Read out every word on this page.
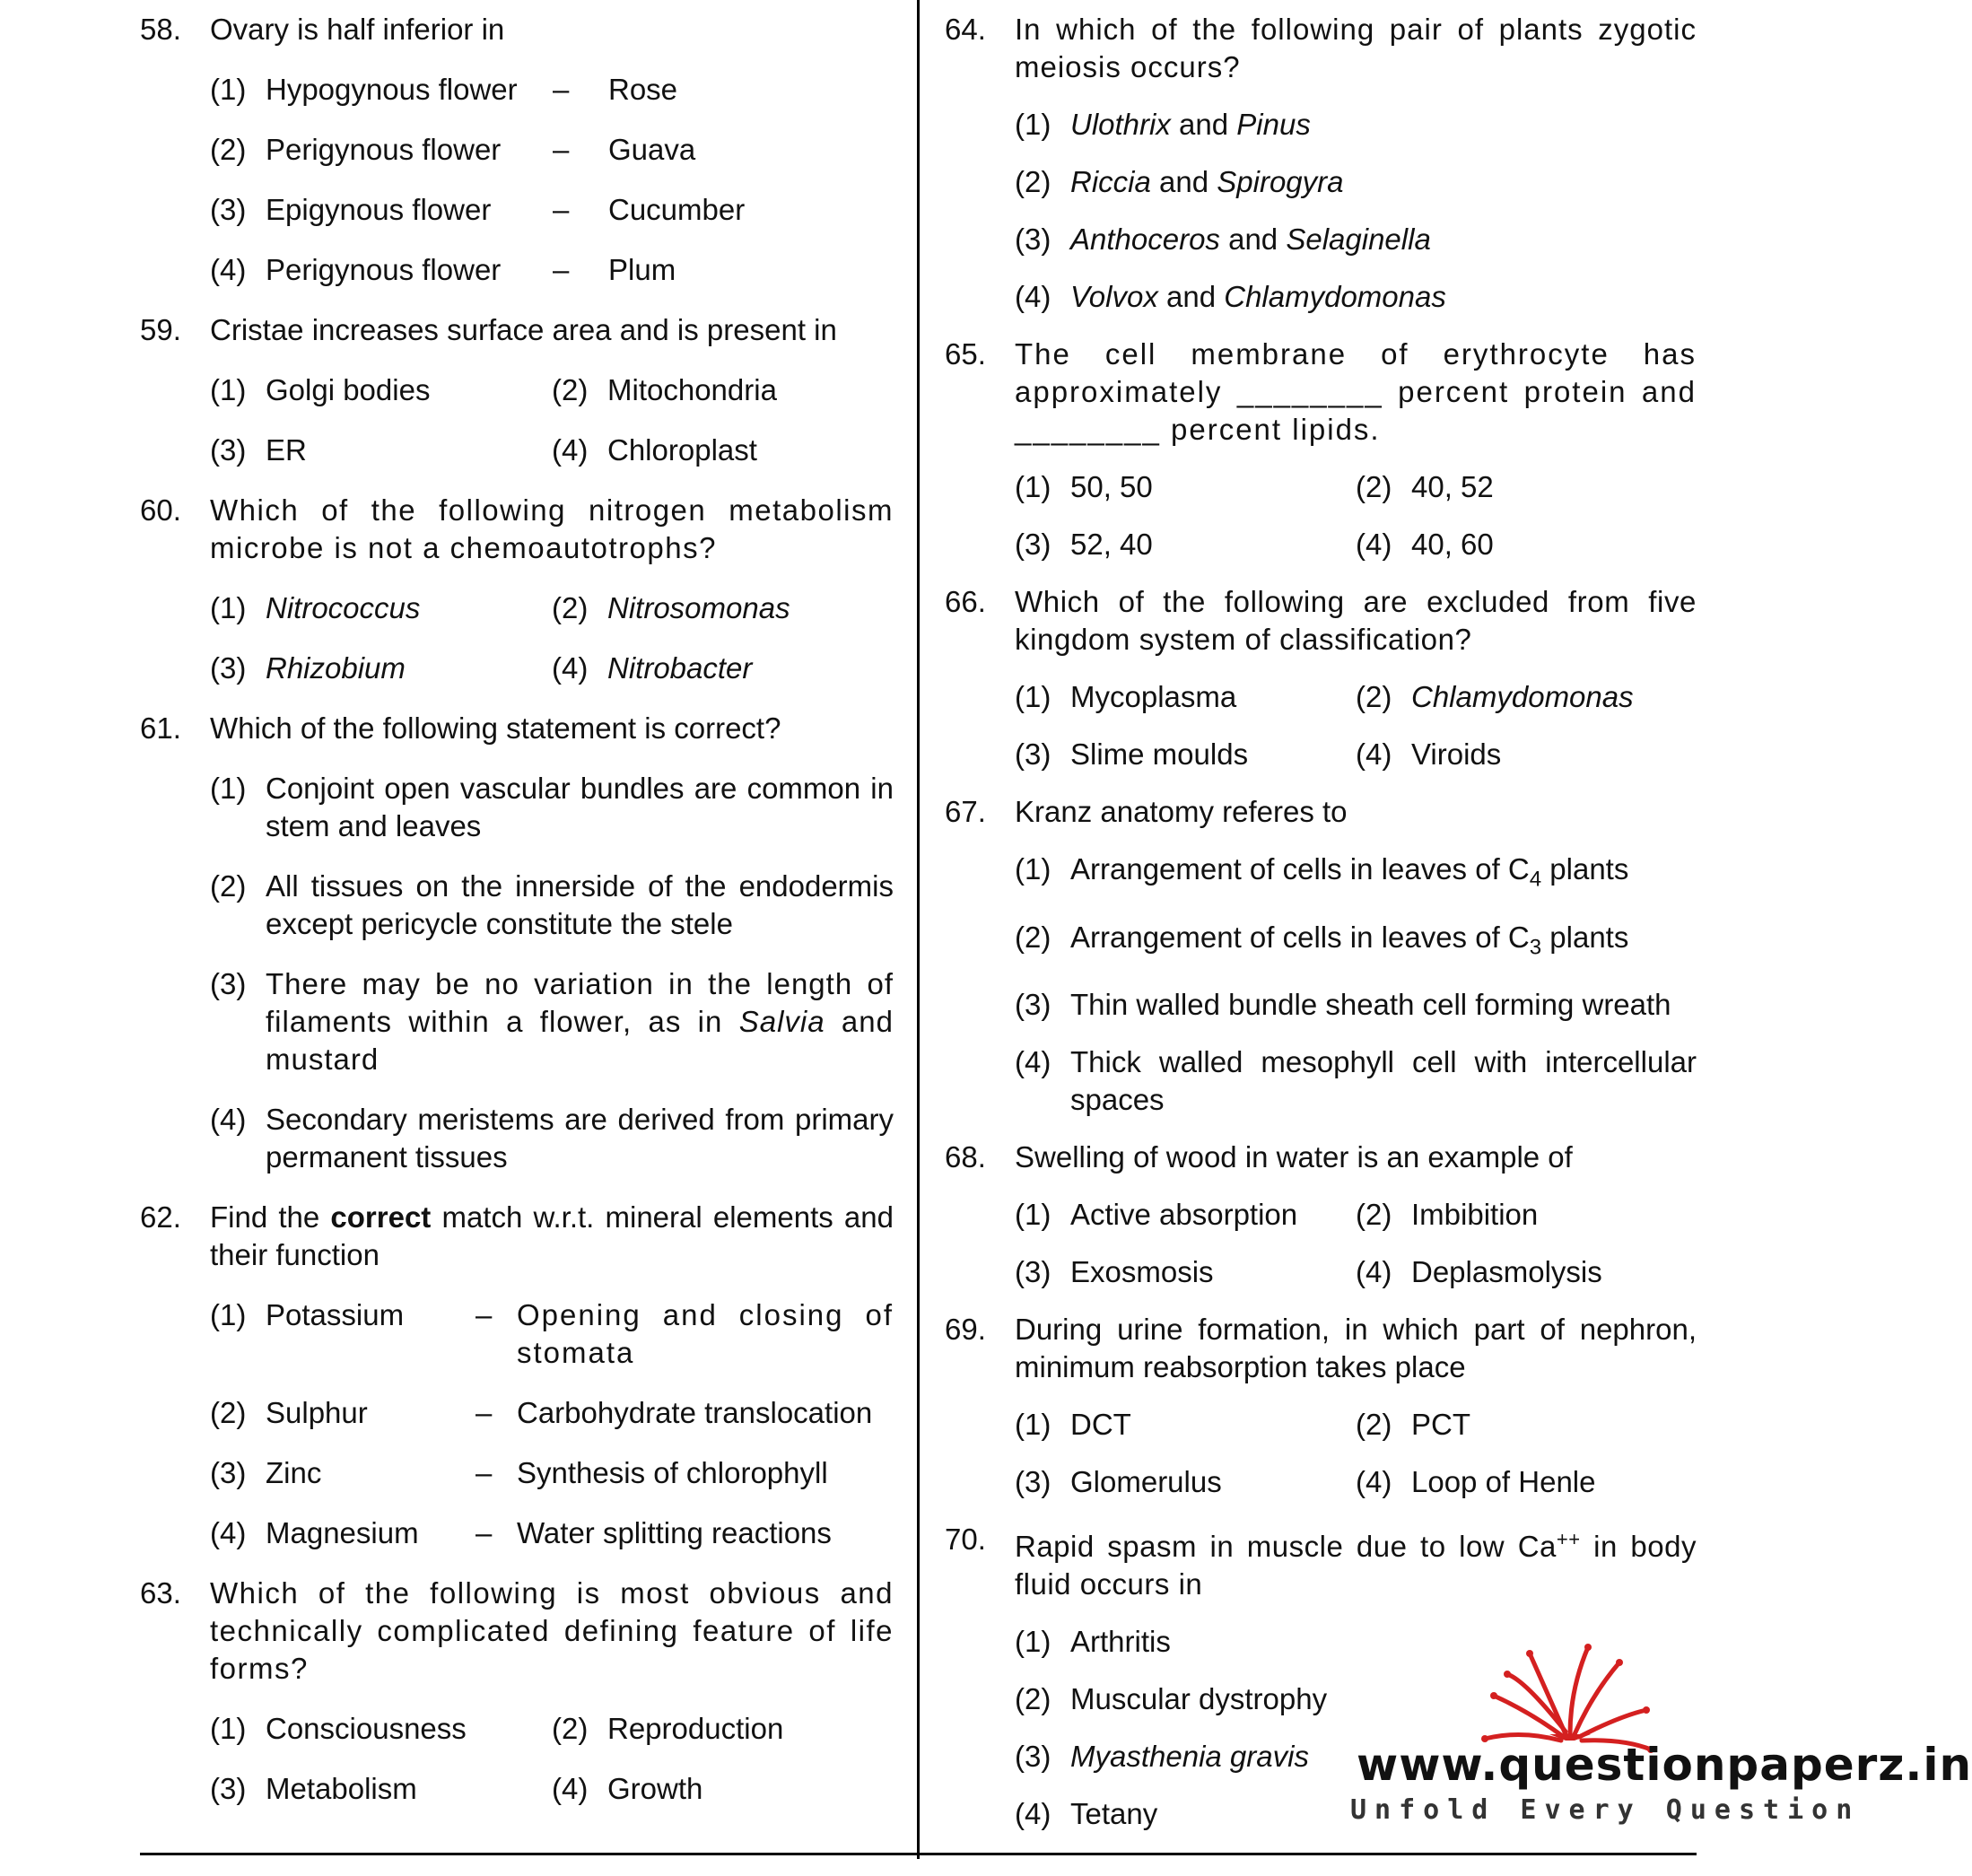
58. Ovary is half inferior in
(1) Hypogynous flower	–	Rose
(2) Perigynous flower	–	Guava
(3) Epigynous flower	–	Cucumber
(4) Perigynous flower	–	Plum
59. Cristae increases surface area and is present in
(1) Golgi bodies	(2) Mitochondria
(3) ER	(4) Chloroplast
60. Which of the following nitrogen metabolism microbe is not a chemoautotrophs?
(1) Nitrococcus	(2) Nitrosomonas
(3) Rhizobium	(4) Nitrobacter
61. Which of the following statement is correct?
(1) Conjoint open vascular bundles are common in stem and leaves
(2) All tissues on the innerside of the endodermis except pericycle constitute the stele
(3) There may be no variation in the length of filaments within a flower, as in Salvia and mustard
(4) Secondary meristems are derived from primary permanent tissues
62. Find the correct match w.r.t. mineral elements and their function
(1) Potassium	– Opening and closing of stomata
(2) Sulphur	– Carbohydrate translocation
(3) Zinc	– Synthesis of chlorophyll
(4) Magnesium	– Water splitting reactions
63. Which of the following is most obvious and technically complicated defining feature of life forms?
(1) Consciousness	(2) Reproduction
(3) Metabolism	(4) Growth
64. In which of the following pair of plants zygotic meiosis occurs?
(1) Ulothrix and Pinus
(2) Riccia and Spirogyra
(3) Anthoceros and Selaginella
(4) Volvox and Chlamydomonas
65. The cell membrane of erythrocyte has approximately ________ percent protein and ________ percent lipids.
(1) 50, 50	(2) 40, 52
(3) 52, 40	(4) 40, 60
66. Which of the following are excluded from five kingdom system of classification?
(1) Mycoplasma	(2) Chlamydomonas
(3) Slime moulds	(4) Viroids
67. Kranz anatomy referes to
(1) Arrangement of cells in leaves of $C_4$ plants
(2) Arrangement of cells in leaves of $C_3$ plants
(3) Thin walled bundle sheath cell forming wreath
(4) Thick walled mesophyll cell with intercellular spaces
68. Swelling of wood in water is an example of
(1) Active absorption (2) Imbibition
(3) Exosmosis	(4) Deplasmolysis
69. During urine formation, in which part of nephron, minimum reabsorption takes place
(1) DCT	(2) PCT
(3) Glomerulus	(4) Loop of Henle
70. Rapid spasm in muscle due to low Ca++ in body fluid occurs in
(1) Arthritis
(2) Muscular dystrophy
(3) Myasthenia gravis
(4) Tetany
www.questionpaperz.in
Unfold Every Question
